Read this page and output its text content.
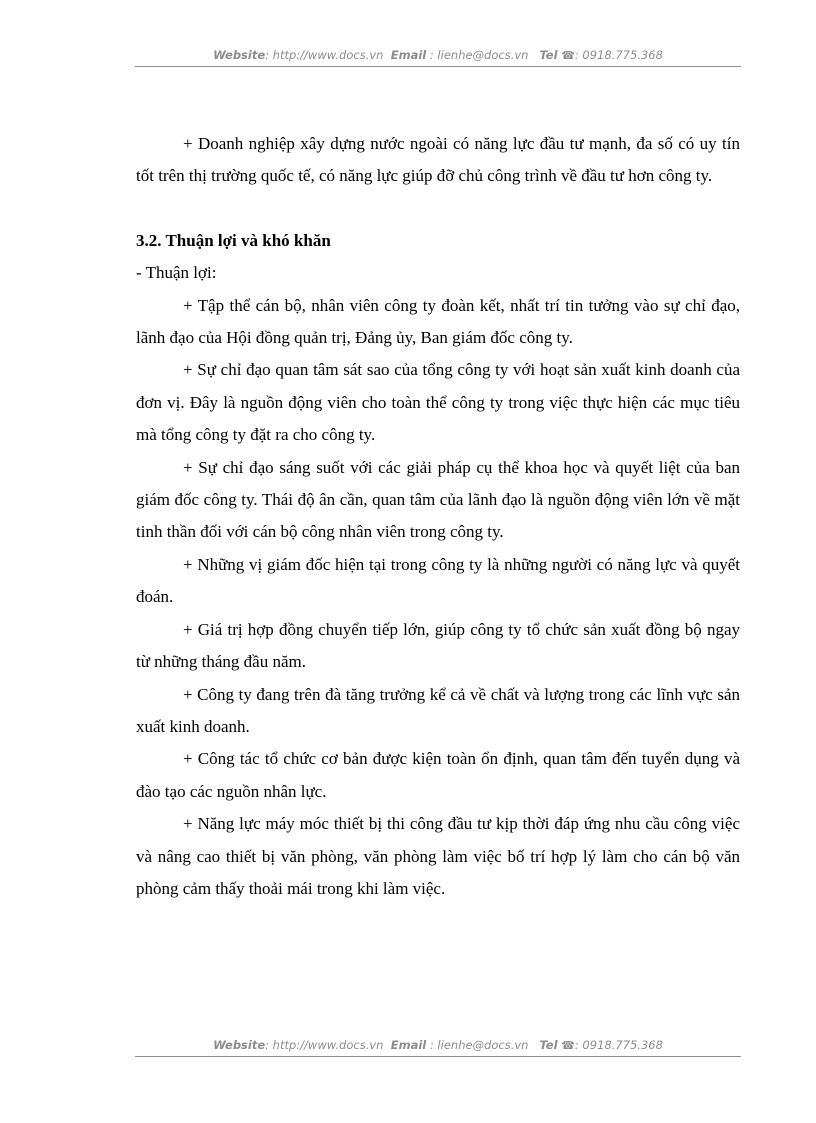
Website: http://www.docs.vn Email : lienhe@docs.vn Tel ☎: 0918.775.368

+ Doanh nghiệp xây dựng nước ngoài có năng lực đầu tư mạnh, đa số có uy tín tốt trên thị trường quốc tế, có năng lực giúp đỡ chủ công trình về đầu tư hơn công ty.

3.2. Thuận lợi và khó khăn

- Thuận lợi:

+ Tập thể cán bộ, nhân viên công ty đoàn kết, nhất trí tin tưởng vào sự chỉ đạo, lãnh đạo của Hội đồng quản trị, Đảng ủy, Ban giám đốc công ty.

+ Sự chỉ đạo quan tâm sát sao của tổng công ty với hoạt sản xuất kinh doanh của đơn vị. Đây là nguồn động viên cho toàn thể công ty trong việc thực hiện các mục tiêu mà tổng công ty đặt ra cho công ty.

+ Sự chỉ đạo sáng suốt với các giải pháp cụ thể khoa học và quyết liệt của ban giám đốc công ty. Thái độ ân cần, quan tâm của lãnh đạo là nguồn động viên lớn về mặt tinh thần đối với cán bộ công nhân viên trong công ty.

+ Những vị giám đốc hiện tại trong công ty là những người có năng lực và quyết đoán.

+ Giá trị hợp đồng chuyển tiếp lớn, giúp công ty tổ chức sản xuất đồng bộ ngay từ những tháng đầu năm.

+ Công ty đang trên đà tăng trưởng kể cả về chất và lượng trong các lĩnh vực sản xuất kinh doanh.

+ Công tác tổ chức cơ bản được kiện toàn ổn định, quan tâm đến tuyển dụng và đào tạo các nguồn nhân lực.

+ Năng lực máy móc thiết bị thi công đầu tư kịp thời đáp ứng nhu cầu công việc và nâng cao thiết bị văn phòng, văn phòng làm việc bố trí hợp lý làm cho cán bộ văn phòng cảm thấy thoải mái trong khi làm việc.

Website: http://www.docs.vn Email : lienhe@docs.vn Tel ☎: 0918.775.368
